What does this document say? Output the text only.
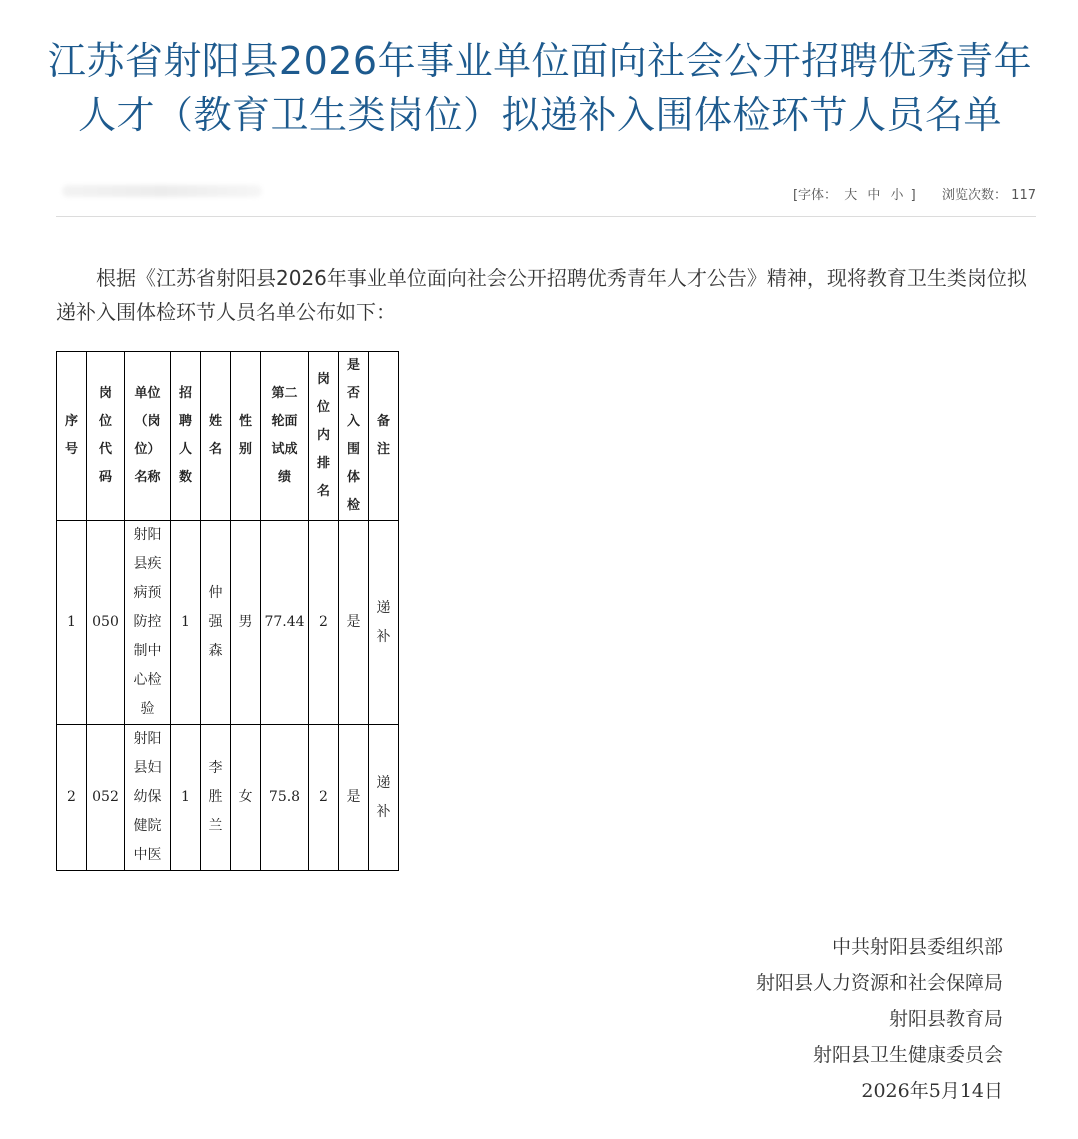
江苏省射阳县2026年事业单位面向社会公开招聘优秀青年
人才（教育卫生类岗位）拟递补入围体检环节人员名单
[字体： 大 中 小 ] 浏览次数： 117
根据《江苏省射阳县2026年事业单位面向社会公开招聘优秀青年人才公告》精神，现将教育卫生类岗位拟递补入围体检环节人员名单公布如下：
序号	岗位代码	单位（岗位）名称	招聘人数	姓名	性别	第二轮面试成绩	岗位内排名	是否入围体检	备注
1	050	射阳县疾病预防控制中心检验	1	仲强森	男	77.44	2	是	递补
2	052	射阳县妇幼保健院中医	1	李胜兰	女	75.8	2	是	递补
中共射阳县委组织部
射阳县人力资源和社会保障局
射阳县教育局
射阳县卫生健康委员会
2026年5月14日
